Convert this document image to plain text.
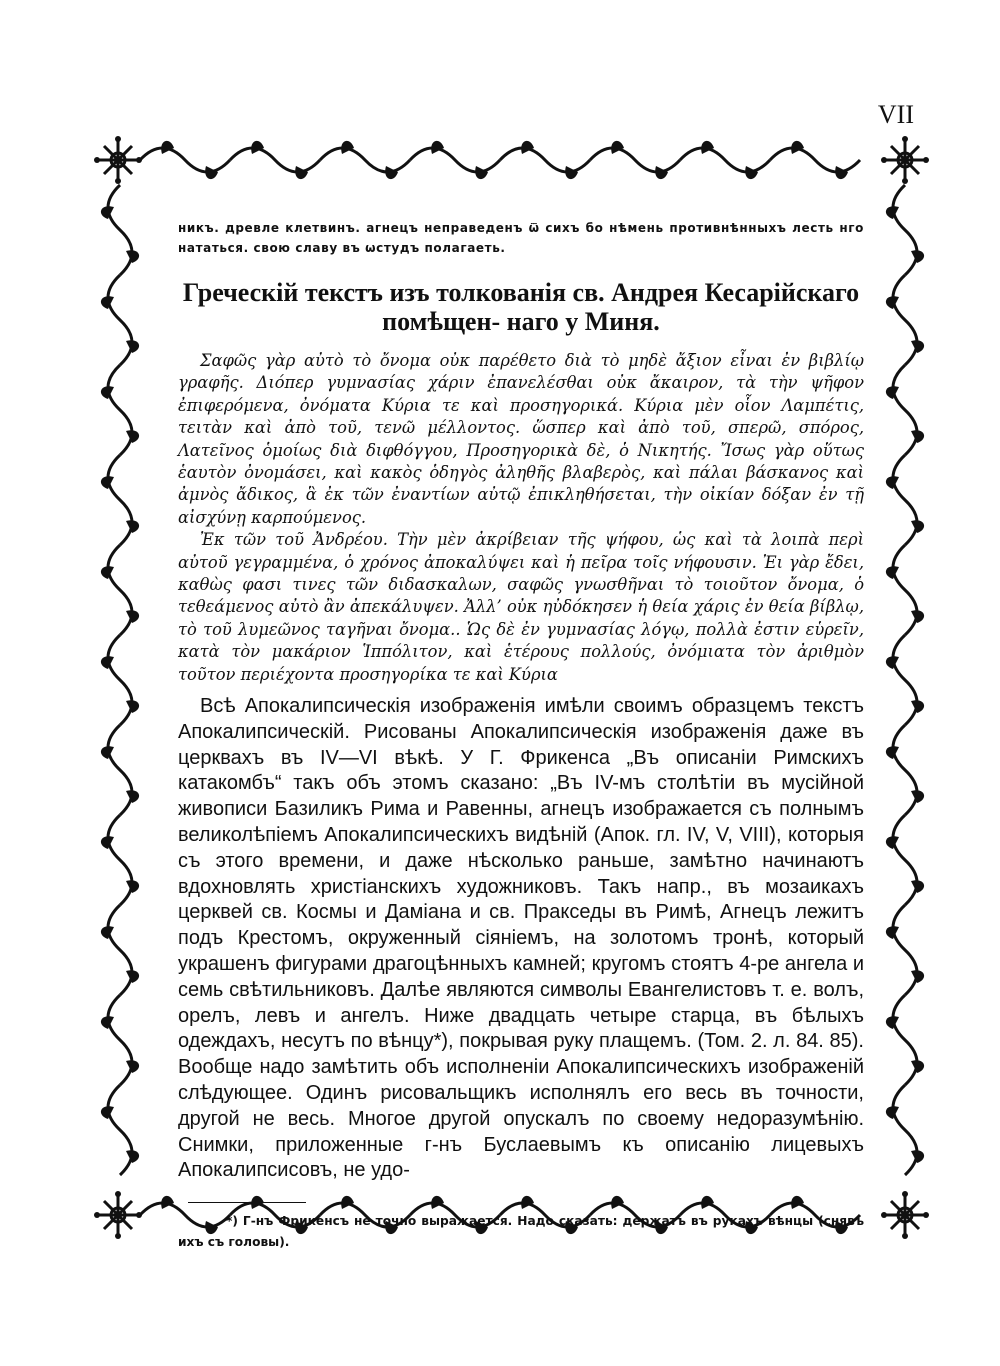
VII

никъ. древле клетвинъ. агнецъ неправеденъ ѿ сихъ бо нѣмень противнѣнныхъ лесть нго нататься. свою славу въ ѡстудъ полагаеть.

Греческій текстъ изъ толкованія св. Андрея Кесарійскаго помѣщен- наго у Миня.

Σαφῶς γὰρ αὐτὸ τὸ ὄνομα οὐκ παρέθετο διὰ τὸ μηδὲ ἄξιον εἶναι ἐν βιβλίῳ γραφῆς. Διόπερ γυμνασίας χάριν ἐπανελέσθαι οὐκ ἄκαιρον, τὰ τὴν ψῆφον ἐπιφερόμενα, ὀνόματα Κύρια τε καὶ προσηγορικά. Κύρια μὲν οἷον Λαμπέτις, τειτὰν καὶ ἀπὸ τοῦ, τενῶ μέλλοντος. ὥσπερ καὶ ἀπὸ τοῦ, σπερῶ, σπόρος, Λατεῖνος ὁμοίως διὰ διφθόγγου, Προσηγορικὰ δὲ, ὁ Νικητής. Ἴσως γὰρ οὕτως ἑαυτὸν ὀνομάσει, καὶ κακὸς ὁδηγὸς ἀληθῆς βλαβερὸς, καὶ πάλαι βάσκανος καὶ ἀμνὸς ἄδικος, ἃ ἐκ τῶν ἐναντίων αὐτῷ ἐπικληθήσεται, τὴν οἰκίαν δόξαν ἐν τῇ αἰσχύνῃ καρπούμενος.

Ἐκ τῶν τοῦ Ἀνδρέου. Τὴν μὲν ἀκρίβειαν τῆς ψήφου, ὡς καὶ τὰ λοιπὰ περὶ αὐτοῦ γεγραμμένα, ὁ χρόνος ἀποκαλύψει καὶ ἡ πεῖρα τοῖς νήφουσιν. Ἐι γὰρ ἔδει, καθὼς φασι τινες τῶν διδασκαλων, σαφῶς γνωσθῆναι τὸ τοιοῦτον ὄνομα, ὁ τεθεάμενος αὐτὸ ἂν ἀπεκάλυψεν. Ἀλλ’ οὐκ ηὐδόκησεν ἡ θεία χάρις ἐν θεία βίβλῳ, τὸ τοῦ λυμεῶνος ταγῆναι ὄνομα.. Ὡς δὲ ἐν γυμνασίας λόγῳ, πολλὰ ἐστιν εὑρεῖν, κατὰ τὸν μακάριον Ἱππόλιτον, καὶ ἑτέρους πολλούς, ὀνόμιατα τὸν ἀριθμὸν τοῦτον περιέχοντα προσηγορίκα τε καὶ Κύρια

Всѣ Апокалипсическія изображенія имѣли своимъ образцемъ текстъ Апокалипсическій. Рисованы Апокалипсическія изображенія даже въ церквахъ въ IV—VI вѣкѣ. У Г. Фрикенса „Въ описаніи Римскихъ катакомбъ“ такъ объ этомъ сказано: „Въ IV-мъ столѣтіи въ мусійной живописи Базиликъ Рима и Равенны, агнецъ изображается съ полнымъ великолѣпіемъ Апокалипсическихъ видѣній (Апок. гл. IV, V, VIII), которыя съ этого времени, и даже нѣсколько раньше, замѣтно начинаютъ вдохновлять христіанскихъ художниковъ. Такъ напр., въ мозаикахъ церквей св. Космы и Даміана и св. Пракседы въ Римѣ, Агнецъ лежитъ подъ Крестомъ, окруженный сіяніемъ, на золотомъ тронѣ, который украшенъ фигурами драгоцѣнныхъ камней; кругомъ стоятъ 4-ре ангела и семь свѣтильниковъ. Далѣе являются символы Евангелистовъ т. е. волъ, орелъ, левъ и ангелъ. Ниже двадцать четыре старца, въ бѣлыхъ одеждахъ, несутъ по вѣнцу*), покрывая руку плащемъ. (Том. 2. л. 84. 85). Вообще надо замѣтить объ исполненіи Апокалипсическихъ изображеній слѣдующее. Одинъ рисовальщикъ исполнялъ его весь въ точности, другой не весь. Многое другой опускалъ по своему недоразумѣнію. Снимки, приложенные г-нъ Буслаевымъ къ описанію лицевыхъ Апокалипсисовъ, не удо-

*) Г-нъ Фрикенсъ не точно выражается. Надо сказать: держатъ въ рукахъ вѣнцы (снявъ ихъ съ головы).
